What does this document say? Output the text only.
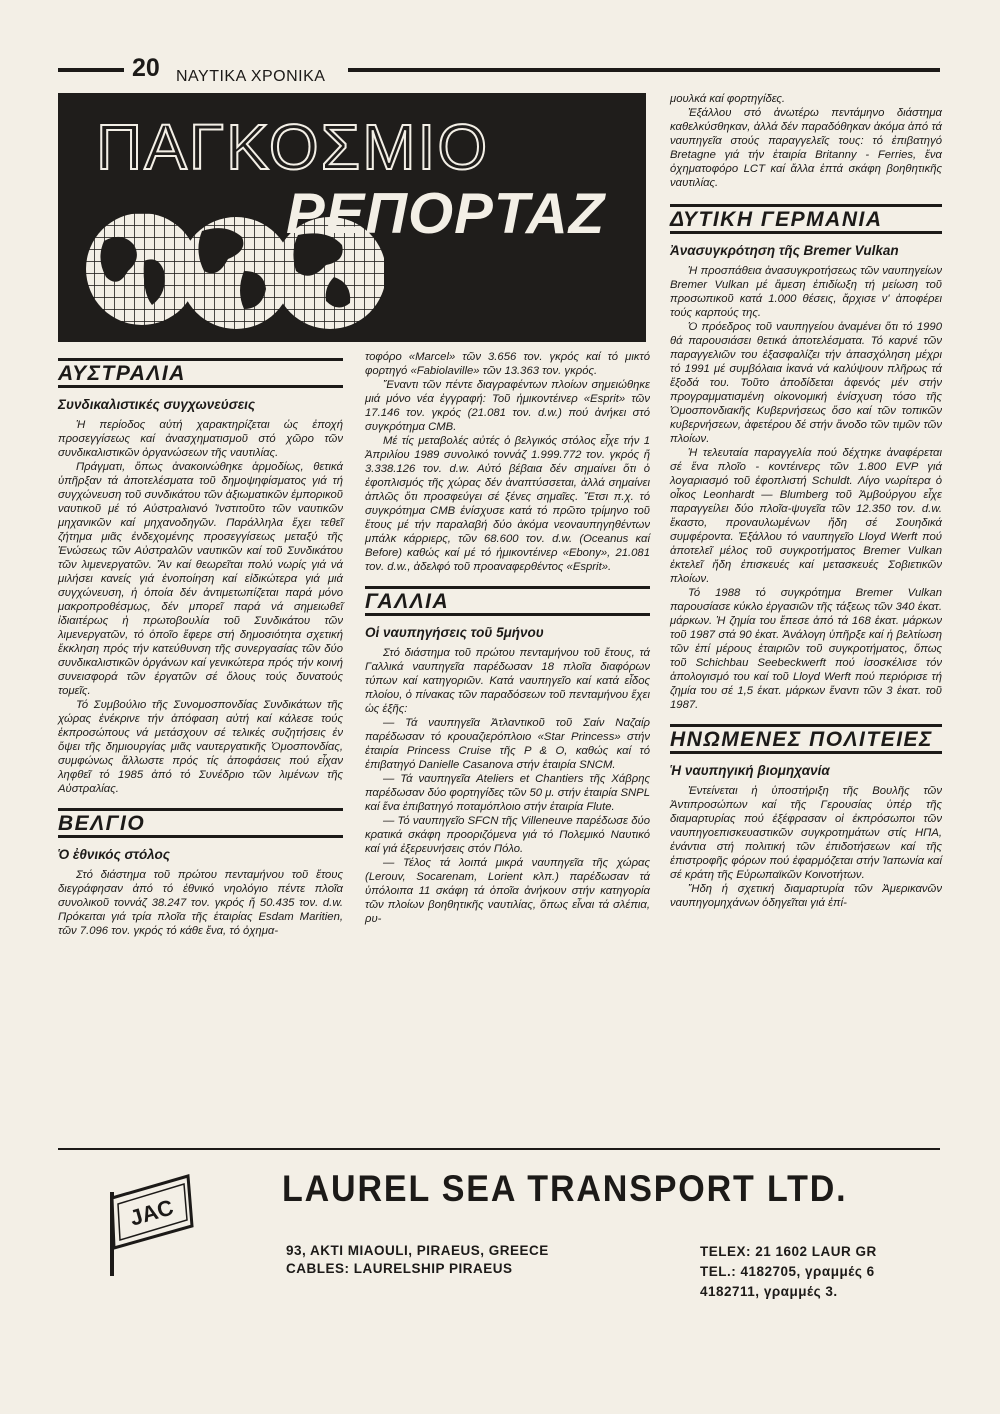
20 ΝΑΥΤΙΚΑ ΧΡΟΝΙΚΑ
ΠΑΓΚΟΣΜΙΟ
ΡΕΠΟΡΤΑΖ
ΑΥΣΤΡΑΛΙΑ
Συνδικαλιστικές συγχωνεύσεις

Ἡ περίοδος αὐτή χαρακτηρίζεται ὡς ἐποχή προσεγγίσεως καί ἀνασχηματισμοῦ στό χῶρο τῶν συνδικαλιστικῶν ὀργανώσεων τῆς ναυτιλίας.

Πράγματι, ὅπως ἀνακοινώθηκε ἁρμοδίως, θετικά ὑπῆρξαν τά ἀποτελέσματα τοῦ δημοψηφίσματος γιά τή συγχώνευση τοῦ συνδικάτου τῶν ἀξιωματικῶν ἐμπορικοῦ ναυτικοῦ μέ τό Αὐστραλιανό Ἰνστιτοῦτο τῶν ναυτικῶν μηχανικῶν καί μηχανοδηγῶν. Παράλληλα ἔχει τεθεῖ ζήτημα μιᾶς ἐνδεχομένης προσεγγίσεως μεταξύ τῆς Ἑνώσεως τῶν Αὐστραλῶν ναυτικῶν καί τοῦ Συνδικάτου τῶν λιμενεργατῶν. Ἄν καί θεωρεῖται πολύ νωρίς γιά νά μιλήσει κανείς γιά ἑνοποίηση καί εἰδικώτερα γιά μιά συγχώνευση, ἡ ὁποία δέν ἀντιμετωπίζεται παρά μόνο μακροπροθέσμως, δέν μπορεῖ παρά νά σημειωθεῖ ἰδιαιτέρως ἡ πρωτοβουλία τοῦ Συνδικάτου τῶν λιμενεργατῶν, τό ὁποῖο ἔφερε στή δημοσιότητα σχετική ἔκκληση πρός τήν κατεύθυνση τῆς συνεργασίας τῶν δύο συνδικαλιστικῶν ὀργάνων καί γενικώτερα πρός τήν κοινή συνεισφορά τῶν ἐργατῶν σέ ὅλους τούς δυνατούς τομεῖς.

Τό Συμβούλιο τῆς Συνομοσπονδίας Συνδικάτων τῆς χώρας ἐνέκρινε τήν ἀπόφαση αὐτή καί κάλεσε τούς ἐκπροσώπους νά μετάσχουν σέ τελικές συζητήσεις ἐν ὄψει τῆς δημιουργίας μιᾶς ναυτεργατικῆς Ὁμοσπονδίας, συμφώνως ἄλλωστε πρός τίς ἀποφάσεις πού εἶχαν ληφθεῖ τό 1985 ἀπό τό Συνέδριο τῶν λιμένων τῆς Αὐστραλίας.

ΒΕΛΓΙΟ
Ὁ ἐθνικός στόλος

Στό διάστημα τοῦ πρώτου πενταμήνου τοῦ ἔτους διεγράφησαν ἀπό τό ἐθνικό νηολόγιο πέντε πλοῖα συνολικοῦ τοννάζ 38.247 τον. γκρός ἤ 50.435 τον. d.w. Πρόκειται γιά τρία πλοῖα τῆς ἑταιρίας Esdam Maritien, τῶν 7.096 τον. γκρός τό κάθε ἕνα, τό ὀχημα-

τοφόρο «Marcel» τῶν 3.656 τον. γκρός καί τό μικτό φορτηγό «Fabiolaville» τῶν 13.363 τον. γκρός.

Ἔναντι τῶν πέντε διαγραφέντων πλοίων σημειώθηκε μιά μόνο νέα ἐγγραφή: Τοῦ ἡμικοντέινερ «Esprit» τῶν 17.146 τον. γκρός (21.081 τον. d.w.) πού ἀνήκει στό συγκρότημα CMB.

Μέ τίς μεταβολές αὐτές ὁ βελγικός στόλος εἶχε τήν 1 Ἀπριλίου 1989 συνολικό τοννάζ 1.999.772 τον. γκρός ἤ 3.338.126 τον. d.w. Αὐτό βέβαια δέν σημαίνει ὅτι ὁ ἐφοπλισμός τῆς χώρας δέν ἀναπτύσσεται, ἀλλά σημαίνει ἁπλῶς ὅτι προσφεύγει σέ ξένες σημαῖες. Ἔτσι π.χ. τό συγκρότημα CMB ἐνίσχυσε κατά τό πρῶτο τρίμηνο τοῦ ἔτους μέ τήν παραλαβή δύο ἀκόμα νεοναυπηγηθέντων μπάλκ κάρριερς, τῶν 68.600 τον. d.w. (Oceanus καί Before) καθώς καί μέ τό ἡμικοντέινερ «Ebony», 21.081 τον. d.w., ἀδελφό τοῦ προαναφερθέντος «Esprit».

ΓΑΛΛΙΑ
Οἱ ναυπηγήσεις τοῦ 5μήνου

Στό διάστημα τοῦ πρώτου πενταμήνου τοῦ ἔτους, τά Γαλλικά ναυπηγεῖα παρέδωσαν 18 πλοῖα διαφόρων τύπων καί κατηγοριῶν. Κατά ναυπηγεῖο καί κατά εἶδος πλοίου, ὁ πίνακας τῶν παραδόσεων τοῦ πενταμήνου ἔχει ὡς ἑξῆς:

— Τά ναυπηγεῖα Ἀτλαντικοῦ τοῦ Σαίν Ναζαίρ παρέδωσαν τό κρουαζιερόπλοιο «Star Princess» στήν ἑταιρία Princess Cruise τῆς P & O, καθώς καί τό ἐπιβατηγό Danielle Casanova στήν ἑταιρία SNCM.

— Τά ναυπηγεῖα Ateliers et Chantiers τῆς Χάβρης παρέδωσαν δύο φορτηγίδες τῶν 50 μ. στήν ἑταιρία SNPL καί ἕνα ἐπιβατηγό ποταμόπλοιο στήν ἑταιρία Flute.

— Τό ναυπηγεῖο SFCN τῆς Villeneuve παρέδωσε δύο κρατικά σκάφη προοριζόμενα γιά τό Πολεμικό Ναυτικό καί γιά ἐξερευνήσεις στόν Πόλο.

— Τέλος τά λοιπά μικρά ναυπηγεῖα τῆς χώρας (Lerouv, Socarenam, Lorient κλπ.) παρέδωσαν τά ὑπόλοιπα 11 σκάφη τά ὁποῖα ἀνήκουν στήν κατηγορία τῶν πλοίων βοηθητικῆς ναυτιλίας, ὅπως εἶναι τά σλέπια, ρυ-

μουλκά καί φορτηγίδες.

Ἐξάλλου στό ἀνωτέρω πεντάμηνο διάστημα καθελκύσθηκαν, ἀλλά δέν παραδόθηκαν ἀκόμα ἀπό τά ναυπηγεῖα στούς παραγγελεῖς τους: τό ἐπιβατηγό Bretagne γιά τήν ἑταιρία Britanny - Ferries, ἕνα ὀχηματοφόρο LCT καί ἄλλα ἑπτά σκάφη βοηθητικῆς ναυτιλίας.

ΔΥΤΙΚΗ ΓΕΡΜΑΝΙΑ
Ἀνασυγκρότηση τῆς Bremer Vulkan

Ἡ προσπάθεια ἀνασυγκροτήσεως τῶν ναυπηγείων Bremer Vulkan μέ ἄμεση ἐπιδίωξη τή μείωση τοῦ προσωπικοῦ κατά 1.000 θέσεις, ἄρχισε ν' ἀποφέρει τούς καρπούς της.

Ὁ πρόεδρος τοῦ ναυπηγείου ἀναμένει ὅτι τό 1990 θά παρουσιάσει θετικά ἀποτελέσματα. Τό καρνέ τῶν παραγγελιῶν του ἐξασφαλίζει τήν ἀπασχόληση μέχρι τό 1991 μέ συμβόλαια ἱκανά νά καλύψουν πλῆρως τά ἔξοδά του. Τοῦτο ἀποδίδεται ἀφενός μέν στήν προγραμματισμένη οἰκονομική ἐνίσχυση τόσο τῆς Ὁμοσπονδιακῆς Κυβερνήσεως ὅσο καί τῶν τοπικῶν κυβερνήσεων, ἀφετέρου δέ στήν ἄνοδο τῶν τιμῶν τῶν πλοίων.

Ἡ τελευταία παραγγελία πού δέχτηκε ἀναφέρεται σέ ἕνα πλοῖο - κοντέινερς τῶν 1.800 EVP γιά λογαριασμό τοῦ ἐφοπλιστή Schuldt. Λίγο νωρίτερα ὁ οἶκος Leonhardt — Blumberg τοῦ Ἀμβούργου εἶχε παραγγείλει δύο πλοῖα-ψυγεῖα τῶν 12.350 τον. d.w. ἕκαστο, προναυλωμένων ἤδη σέ Σουηδικά συμφέροντα. Ἐξάλλου τό ναυπηγεῖο Lloyd Werft πού ἀποτελεῖ μέλος τοῦ συγκροτήματος Bremer Vulkan ἐκτελεῖ ἤδη ἐπισκευές καί μετασκευές Σοβιετικῶν πλοίων.

Τό 1988 τό συγκρότημα Bremer Vulkan παρουσίασε κύκλο ἐργασιῶν τῆς τάξεως τῶν 340 ἑκατ. μάρκων. Ἡ ζημία του ἔπεσε ἀπό τά 168 ἑκατ. μάρκων τοῦ 1987 στά 90 ἑκατ. Ἀνάλογη ὑπῆρξε καί ἡ βελτίωση τῶν ἐπί μέρους ἑταιριῶν τοῦ συγκροτήματος, ὅπως τοῦ Schichbau Seebeckwerft πού ἰσοσκέλισε τόν ἀπολογισμό του καί τοῦ Lloyd Werft πού περιόρισε τή ζημία του σέ 1,5 ἑκατ. μάρκων ἔναντι τῶν 3 ἑκατ. τοῦ 1987.

ΗΝΩΜΕΝΕΣ ΠΟΛΙΤΕΙΕΣ
Ἡ ναυπηγική βιομηχανία

Ἐντείνεται ἡ ὑποστήριξη τῆς Βουλῆς τῶν Ἀντιπροσώπων καί τῆς Γερουσίας ὑπέρ τῆς διαμαρτυρίας πού ἐξέφρασαν οἱ ἐκπρόσωποι τῶν ναυπηγοεπισκευαστικῶν συγκροτημάτων στίς ΗΠΑ, ἐνάντια στή πολιτική τῶν ἐπιδοτήσεων καί τῆς ἐπιστροφῆς φόρων πού ἐφαρμόζεται στήν Ἰαπωνία καί σέ κράτη τῆς Εὐρωπαϊκῶν Κοινοτήτων.

Ἤδη ἡ σχετική διαμαρτυρία τῶν Ἀμερικανῶν ναυπηγομηχάνων ὁδηγεῖται γιά ἐπί-

JAC
LAUREL SEA TRANSPORT LTD.
93, AKTI MIAOULI, PIRAEUS, GREECE
CABLES: LAURELSHIP PIRAEUS
TELEX: 21 1602 LAUR GR
TEL.: 4182705, γραμμές 6
4182711, γραμμές 3.
